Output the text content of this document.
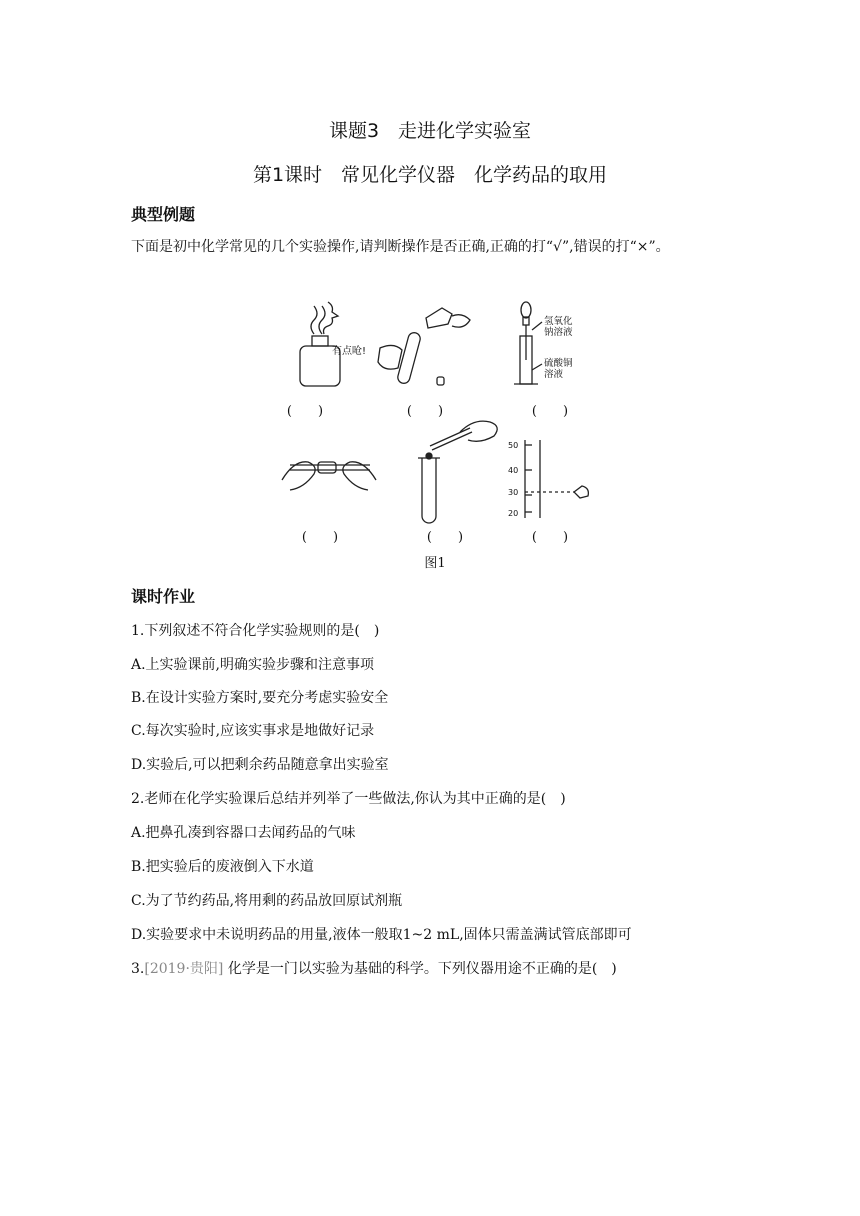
课题3　走进化学实验室
第1课时　常见化学仪器　化学药品的取用
典型例题
下面是初中化学常见的几个实验操作,请判断操作是否正确,正确的打“√”,错误的打“×”。
有点呛!
氢氧化
钠溶液
硫酸铜
溶液
50
40
30
20
(　　)	(　　)	(　　)
(　　)	(　　)	(　　)
图1
课时作业
1.下列叙述不符合化学实验规则的是(　)
A.上实验课前,明确实验步骤和注意事项
B.在设计实验方案时,要充分考虑实验安全
C.每次实验时,应该实事求是地做好记录
D.实验后,可以把剩余药品随意拿出实验室
2.老师在化学实验课后总结并列举了一些做法,你认为其中正确的是(　)
A.把鼻孔凑到容器口去闻药品的气味
B.把实验后的废液倒入下水道
C.为了节约药品,将用剩的药品放回原试剂瓶
D.实验要求中未说明药品的用量,液体一般取1~2 mL,固体只需盖满试管底部即可
3.[2019·贵阳] 化学是一门以实验为基础的科学。下列仪器用途不正确的是(　)
